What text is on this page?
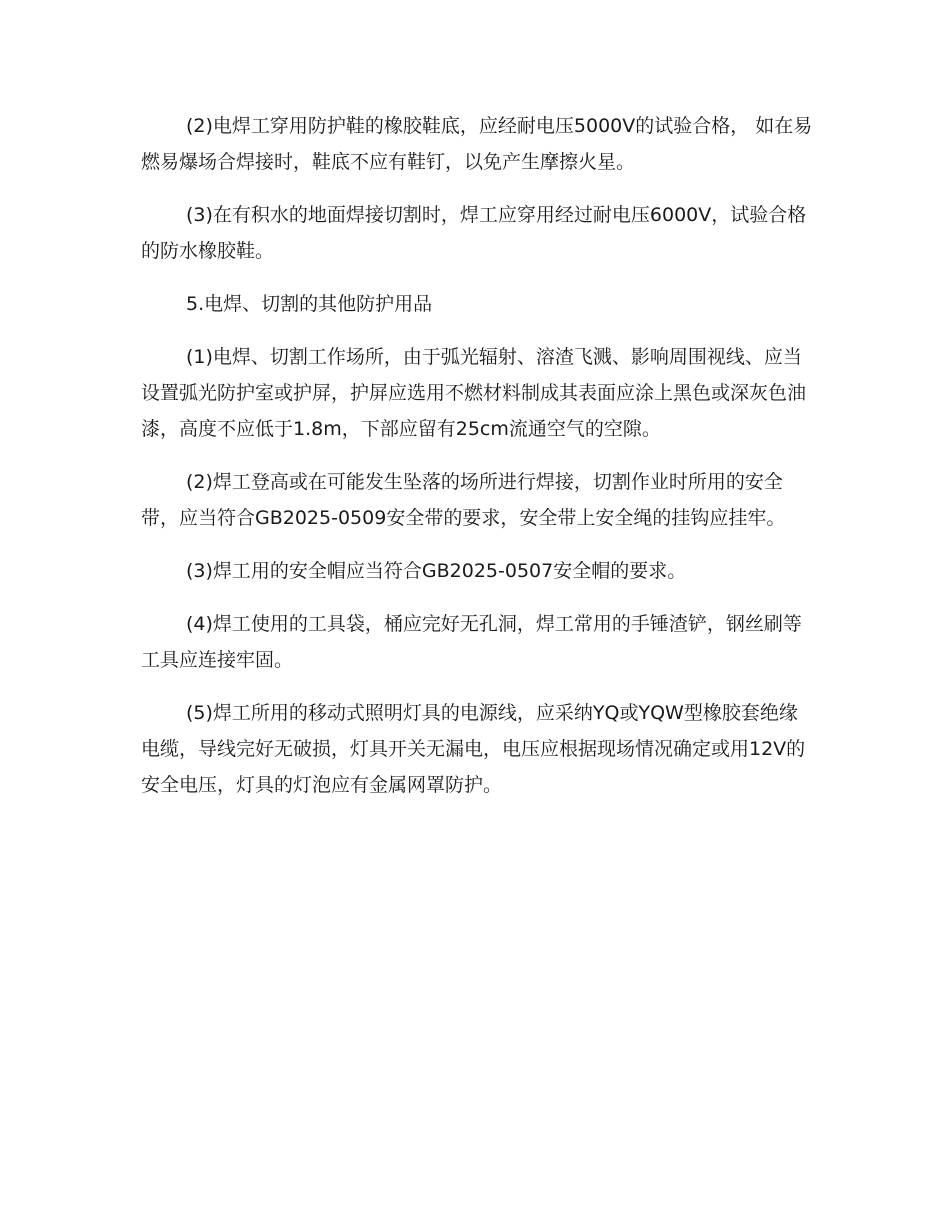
(2)电焊工穿用防护鞋的橡胶鞋底，应经耐电压5000V的试验合格， 如在易燃易爆场合焊接时，鞋底不应有鞋钉，以免产生摩擦火星。

(3)在有积水的地面焊接切割时，焊工应穿用经过耐电压6000V，试验合格的防水橡胶鞋。

5.电焊、切割的其他防护用品

(1)电焊、切割工作场所，由于弧光辐射、溶渣飞溅、影响周围视线、应当设置弧光防护室或护屏，护屏应选用不燃材料制成其表面应涂上黑色或深灰色油漆，高度不应低于1.8m，下部应留有25cm流通空气的空隙。

(2)焊工登高或在可能发生坠落的场所进行焊接，切割作业时所用的安全带，应当符合GB2025-0509安全带的要求，安全带上安全绳的挂钩应挂牢。

(3)焊工用的安全帽应当符合GB2025-0507安全帽的要求。

(4)焊工使用的工具袋，桶应完好无孔洞，焊工常用的手锤渣铲，钢丝刷等工具应连接牢固。

(5)焊工所用的移动式照明灯具的电源线，应采纳YQ或YQW型橡胶套绝缘电缆，导线完好无破损，灯具开关无漏电，电压应根据现场情况确定或用12V的安全电压，灯具的灯泡应有金属网罩防护。
